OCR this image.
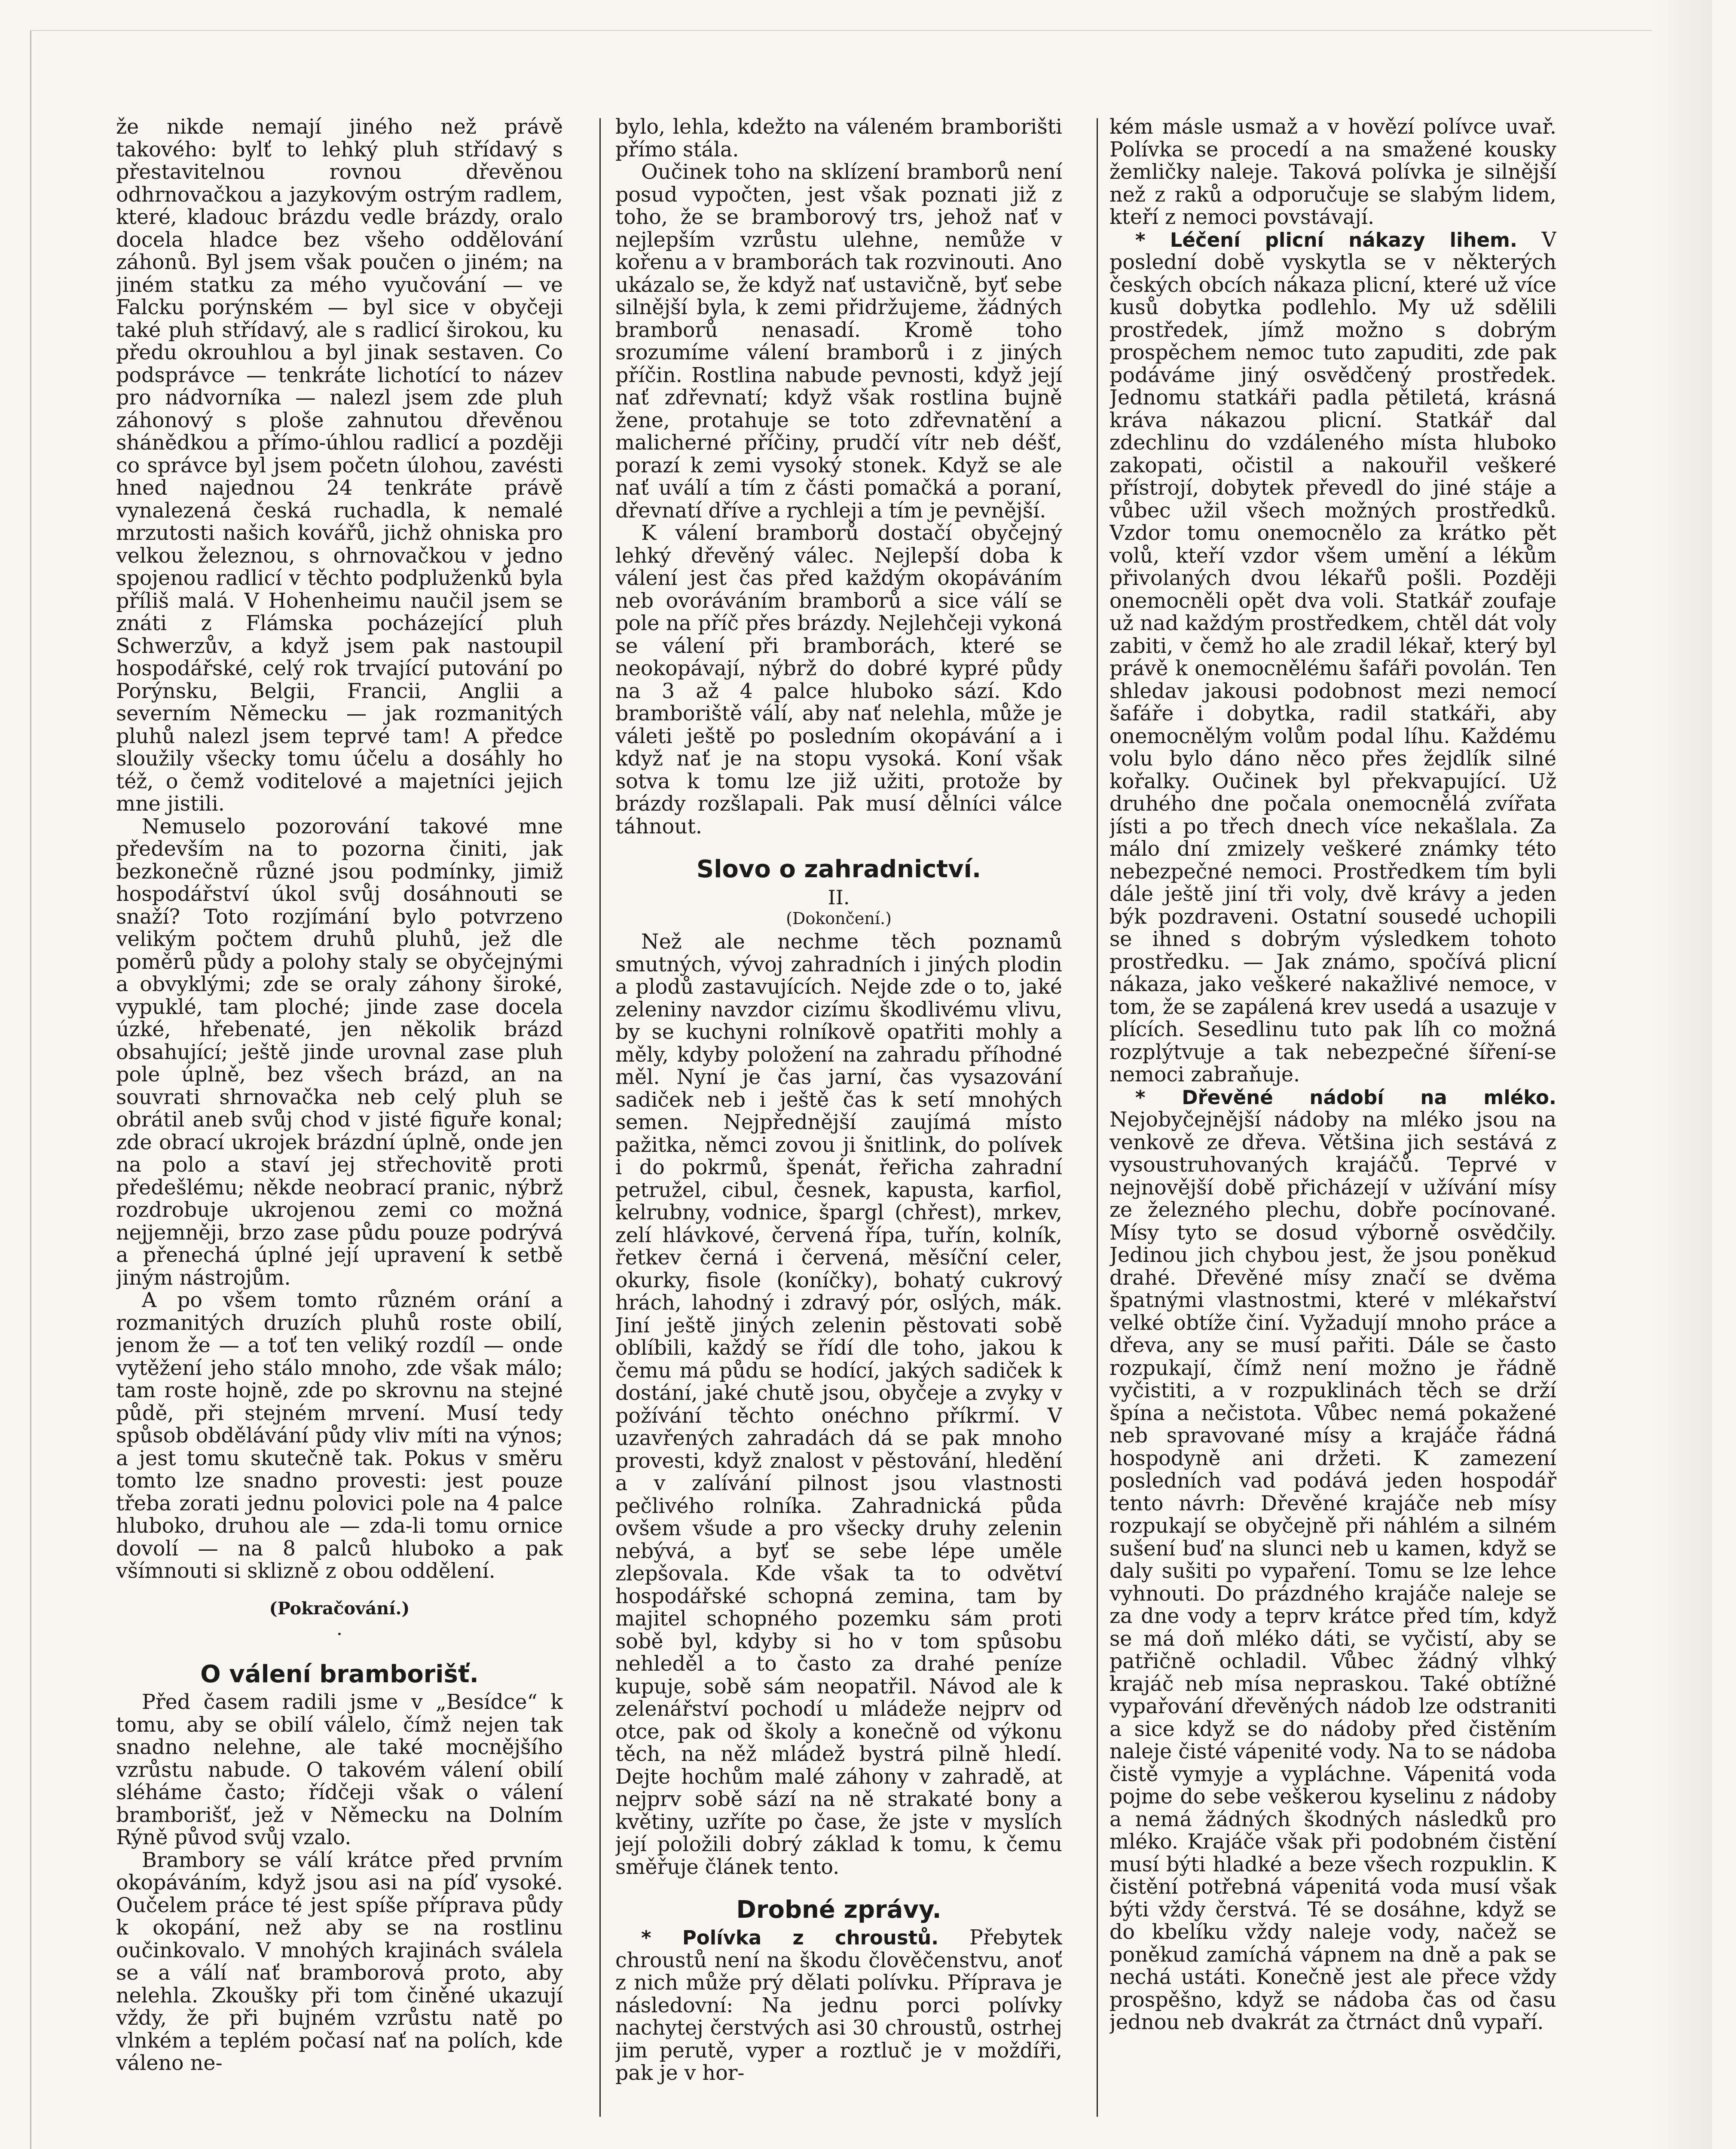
že nikde nemají jiného než právě takového: bylť to lehký pluh střídavý s přestavitelnou rovnou dřevěnou odhrnovačkou a jazykovým ostrým radlem, které, kladouc brázdu vedle brázdy, oralo docela hladce bez všeho oddělování záhonů. Byl jsem však poučen o jiném; na jiném statku za mého vyučování — ve Falcku porýnském — byl sice v obyčeji také pluh střídavý, ale s radlicí širokou, ku předu okrouhlou a byl jinak sestaven. Co podsprávce — tenkráte lichotící to název pro nádvorníka — nalezl jsem zde pluh záhonový s ploše zahnutou dřevěnou shánědkou a přímo-úhlou radlicí a později co správce byl jsem početn úlohou, zavésti hned najednou 24 tenkráte právě vynalezená česká ruchadla, k nemalé mrzutosti našich kovářů, jichž ohniska pro velkou železnou, s ohrnovačkou v jedno spojenou radlicí v těchto podpluženků byla příliš malá. V Hohenheimu naučil jsem se znáti z Flámska pocházející pluh Schwerzův, a když jsem pak nastoupil hospodářské, celý rok trvající putování po Porýnsku, Belgii, Francii, Anglii a severním Německu — jak rozmanitých pluhů nalezl jsem teprvé tam! A předce sloužily všecky tomu účelu a dosáhly ho též, o čemž voditelové a majetníci jejich mne jistili.

Nemuselo pozorování takové mne především na to pozorna činiti, jak bezkonečně různé jsou podmínky, jimiž hospodářství úkol svůj dosáhnouti se snaží? Toto rozjímání bylo potvrzeno velikým počtem druhů pluhů, jež dle poměrů půdy a polohy staly se obyčejnými a obvyklými; zde se oraly záhony široké, vypuklé, tam ploché; jinde zase docela úzké, hřebenaté, jen několik brázd obsahující; ještě jinde urovnal zase pluh pole úplně, bez všech brázd, an na souvrati shrnovačka neb celý pluh se obrátil aneb svůj chod v jisté figuře konal; zde obrací ukrojek brázdní úplně, onde jen na polo a staví jej střechovitě proti předešlému; někde neobrací pranic, nýbrž rozdrobuje ukrojenou zemi co možná nejjemněji, brzo zase půdu pouze podrývá a přenechá úplné její upravení k setbě jiným nástrojům.

A po všem tomto různém orání a rozmanitých druzích pluhů roste obilí, jenom že — a toť ten veliký rozdíl — onde vytěžení jeho stálo mnoho, zde však málo; tam roste hojně, zde po skrovnu na stejné půdě, při stejném mrvení. Musí tedy spůsob obdělávání půdy vliv míti na výnos; a jest tomu skutečně tak. Pokus v směru tomto lze snadno provesti: jest pouze třeba zorati jednu polovici pole na 4 palce hluboko, druhou ale — zda-li tomu ornice dovolí — na 8 palců hluboko a pak všímnouti si sklizně z obou oddělení.

(Pokračování.)

·

O válení bramborišť.

Před časem radili jsme v „Besídce“ k tomu, aby se obilí válelo, čímž nejen tak snadno nelehne, ale také mocnějšího vzrůstu nabude. O takovém válení obilí sléháme často; řídčeji však o válení bramborišť, jež v Německu na Dolním Rýně původ svůj vzalo.

Brambory se válí krátce před prvním okopáváním, když jsou asi na píď vysoké. Oučelem práce té jest spíše příprava půdy k okopání, než aby se na rostlinu oučinkovalo. V mnohých krajinách sválela se a válí nať bramborová proto, aby nelehla. Zkoušky při tom činěné ukazují vždy, že při bujném vzrůstu natě po vlnkém a teplém počasí nať na polích, kde váleno ne-

bylo, lehla, kdežto na váleném bramborišti přímo stála.

Oučinek toho na sklízení bramborů není posud vypočten, jest však poznati již z toho, že se bramborový trs, jehož nať v nejlepším vzrůstu ulehne, nemůže v kořenu a v bramborách tak rozvinouti. Ano ukázalo se, že když nať ustavičně, byť sebe silnější byla, k zemi přidržujeme, žádných bramborů nenasadí. Kromě toho srozumíme válení bramborů i z jiných příčin. Rostlina nabude pevnosti, když její nať zdřevnatí; když však rostlina bujně žene, protahuje se toto zdřevnatění a malicherné příčiny, prudčí vítr neb déšť, porazí k zemi vysoký stonek. Když se ale nať uválí a tím z části pomačká a poraní, dřevnatí dříve a rychleji a tím je pevnější.

K válení bramborů dostačí obyčejný lehký dřevěný válec. Nejlepší doba k válení jest čas před každým okopáváním neb ovoráváním bramborů a sice válí se pole na příč přes brázdy. Nejlehčeji vykoná se válení při bramborách, které se neokopávají, nýbrž do dobré kypré půdy na 3 až 4 palce hluboko sází. Kdo bramboriště válí, aby nať nelehla, může je váleti ještě po posledním okopávání a i když nať je na stopu vysoká. Koní však sotva k tomu lze již užiti, protože by brázdy rozšlapali. Pak musí dělníci válce táhnout.

Slovo o zahradnictví.

II.

(Dokončení.)

Než ale nechme těch poznamů smutných, vývoj zahradních i jiných plodin a plodů zastavujících. Nejde zde o to, jaké zeleniny navzdor cizímu škodlivému vlivu, by se kuchyni rolníkově opatřiti mohly a měly, kdyby položení na zahradu příhodné měl. Nyní je čas jarní, čas vysazování sadiček neb i ještě čas k setí mnohých semen. Nejpřednější zaujímá místo pažitka, němci zovou ji šnitlink, do polívek i do pokrmů, špenát, řeřicha zahradní petružel, cibul, česnek, kapusta, karfiol, kelrubny, vodnice, špargl (chřest), mrkev, zelí hlávkové, červená řípa, tuřín, kolník, řetkev černá i červená, měsíční celer, okurky, fisole (koníčky), bohatý cukrový hrách, lahodný i zdravý pór, oslých, mák. Jiní ještě jiných zelenin pěstovati sobě oblíbili, každý se řídí dle toho, jakou k čemu má půdu se hodící, jakých sadiček k dostání, jaké chutě jsou, obyčeje a zvyky v požívání těchto onéchno příkrmí. V uzavřených zahradách dá se pak mnoho provesti, když znalost v pěstování, hledění a v zalívání pilnost jsou vlastnosti pečlivého rolníka. Zahradnická půda ovšem všude a pro všecky druhy zelenin nebývá, a byť se sebe lépe uměle zlepšovala. Kde však ta to odvětví hospodářské schopná zemina, tam by majitel schopného pozemku sám proti sobě byl, kdyby si ho v tom spůsobu nehleděl a to často za drahé peníze kupuje, sobě sám neopatřil. Návod ale k zelenářství pochodí u mládeže nejprv od otce, pak od školy a konečně od výkonu těch, na něž mládež bystrá pilně hledí. Dejte hochům malé záhony v zahradě, at nejprv sobě sází na ně strakaté bony a květiny, uzříte po čase, že jste v myslích její položili dobrý základ k tomu, k čemu směřuje článek tento.

Drobné zprávy.

* Polívka z chroustů. Přebytek chroustů není na škodu člověčenstvu, anoť z nich může prý dělati polívku. Příprava je následovní: Na jednu porci polívky nachytej čerstvých asi 30 chroustů, ostrhej jim perutě, vyper a roztluč je v moždíři, pak je v hor-

kém másle usmaž a v hovězí polívce uvař. Polívka se procedí a na smažené kousky žemličky naleje. Taková polívka je silnější než z raků a odporučuje se slabým lidem, kteří z nemoci povstávají.

* Léčení plicní nákazy lihem. V poslední době vyskytla se v některých českých obcích nákaza plicní, které už více kusů dobytka podlehlo. My už sdělili prostředek, jímž možno s dobrým prospěchem nemoc tuto zapuditi, zde pak podáváme jiný osvědčený prostředek. Jednomu statkáři padla pětiletá, krásná kráva nákazou plicní. Statkář dal zdechlinu do vzdáleného místa hluboko zakopati, očistil a nakouřil veškeré přístrojí, dobytek převedl do jiné stáje a vůbec užil všech možných prostředků. Vzdor tomu onemocnělo za krátko pět volů, kteří vzdor všem umění a lékům přivolaných dvou lékařů pošli. Později onemocněli opět dva voli. Statkář zoufaje už nad každým prostředkem, chtěl dát voly zabiti, v čemž ho ale zradil lékař, který byl právě k onemocnělému šafáři povolán. Ten shledav jakousi podobnost mezi nemocí šafáře i dobytka, radil statkáři, aby onemocnělým volům podal líhu. Každému volu bylo dáno něco přes žejdlík silné kořalky. Oučinek byl překvapující. Už druhého dne počala onemocnělá zvířata jísti a po třech dnech více nekašlala. Za málo dní zmizely veškeré známky této nebezpečné nemoci. Prostředkem tím byli dále ještě jiní tři voly, dvě krávy a jeden býk pozdraveni. Ostatní sousedé uchopili se ihned s dobrým výsledkem tohoto prostředku. — Jak známo, spočívá plicní nákaza, jako veškeré nakažlivé nemoce, v tom, že se zapálená krev usedá a usazuje v plících. Sesedlinu tuto pak líh co možná rozplýtvuje a tak nebezpečné šíření-se nemoci zabraňuje.

* Dřevěné nádobí na mléko. Nejobyčejnější nádoby na mléko jsou na venkově ze dřeva. Většina jich sestává z vysoustruhovaných krajáčů. Teprvé v nejnovější době přicházejí v užívání mísy ze železného plechu, dobře pocínované. Mísy tyto se dosud výborně osvědčily. Jedinou jich chybou jest, že jsou poněkud drahé. Dřevěné mísy značí se dvěma špatnými vlastnostmi, které v mlékařství velké obtíže činí. Vyžadují mnoho práce a dřeva, any se musí pařiti. Dále se často rozpukají, čímž není možno je řádně vyčistiti, a v rozpuklinách těch se drží špína a nečistota. Vůbec nemá pokažené neb spravované mísy a krajáče řádná hospodyně ani držeti. K zamezení posledních vad podává jeden hospodář tento návrh: Dřevěné krajáče neb mísy rozpukají se obyčejně při náhlém a silném sušení buď na slunci neb u kamen, když se daly sušiti po vypaření. Tomu se lze lehce vyhnouti. Do prázdného krajáče naleje se za dne vody a teprv krátce před tím, když se má doň mléko dáti, se vyčistí, aby se patřičně ochladil. Vůbec žádný vlhký krajáč neb mísa nepraskou. Také obtížné vypařování dřevěných nádob lze odstraniti a sice když se do nádoby před čistěním naleje čisté vápenité vody. Na to se nádoba čistě vymyje a vypláchne. Vápenitá voda pojme do sebe veškerou kyselinu z nádoby a nemá žádných škodných následků pro mléko. Krajáče však při podobném čistění musí býti hladké a beze všech rozpuklin. K čistění potřebná vápenitá voda musí však býti vždy čerstvá. Té se dosáhne, když se do kbelíku vždy naleje vody, načež se poněkud zamíchá vápnem na dně a pak se nechá ustáti. Konečně jest ale přece vždy prospěšno, když se nádoba čas od času jednou neb dvakrát za čtrnáct dnů vypaří.
